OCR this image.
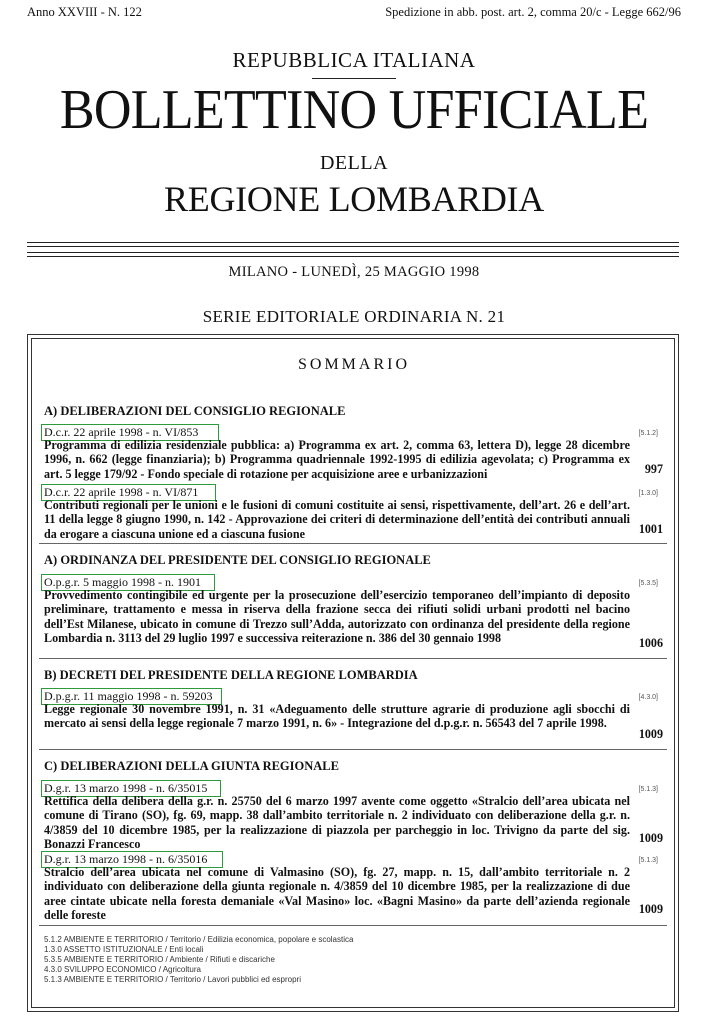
Anno XXVIII - N. 122	Spedizione in abb. post. art. 2, comma 20/c - Legge 662/96
REPUBBLICA ITALIANA
BOLLETTINO UFFICIALE
DELLA
REGIONE LOMBARDIA
MILANO - LUNEDÌ, 25 MAGGIO 1998
SERIE EDITORIALE ORDINARIA N. 21
SOMMARIO
A) DELIBERAZIONI DEL CONSIGLIO REGIONALE
D.c.r. 22 aprile 1998 - n. VI/853	[5.1.2]
Programma di edilizia residenziale pubblica: a) Programma ex art. 2, comma 63, lettera D), legge 28 dicembre 1996, n. 662 (legge finanziaria); b) Programma quadriennale 1992-1995 di edilizia agevolata; c) Programma ex art. 5 legge 179/92 - Fondo speciale di rotazione per acquisizione aree e urbanizzazioni	997
D.c.r. 22 aprile 1998 - n. VI/871	[1.3.0]
Contributi regionali per le unioni e le fusioni di comuni costituite ai sensi, rispettivamente, dell’art. 26 e dell’art. 11 della legge 8 giugno 1990, n. 142 - Approvazione dei criteri di determinazione dell’entità dei contributi annuali da erogare a ciascuna unione ed a ciascuna fusione	1001
A) ORDINANZA DEL PRESIDENTE DEL CONSIGLIO REGIONALE
O.p.g.r. 5 maggio 1998 - n. 1901	[5.3.5]
Provvedimento contingibile ed urgente per la prosecuzione dell’esercizio temporaneo dell’impianto di deposito preliminare, trattamento e messa in riserva della frazione secca dei rifiuti solidi urbani prodotti nel bacino dell’Est Milanese, ubicato in comune di Trezzo sull’Adda, autorizzato con ordinanza del presidente della regione Lombardia n. 3113 del 29 luglio 1997 e successiva reiterazione n. 386 del 30 gennaio 1998	1006
B) DECRETI DEL PRESIDENTE DELLA REGIONE LOMBARDIA
D.p.g.r. 11 maggio 1998 - n. 59203	[4.3.0]
Legge regionale 30 novembre 1991, n. 31 «Adeguamento delle strutture agrarie di produzione agli sbocchi di mercato ai sensi della legge regionale 7 marzo 1991, n. 6» - Integrazione del d.p.g.r. n. 56543 del 7 aprile 1998.
1009
C) DELIBERAZIONI DELLA GIUNTA REGIONALE
D.g.r. 13 marzo 1998 - n. 6/35015	[5.1.3]
Rettifica della delibera della g.r. n. 25750 del 6 marzo 1997 avente come oggetto «Stralcio dell’area ubicata nel comune di Tirano (SO), fg. 69, mapp. 38 dall’ambito territoriale n. 2 individuato con deliberazione della g.r. n. 4/3859 del 10 dicembre 1985, per la realizzazione di piazzola per parcheggio in loc. Trivigno da parte del sig. Bonazzi Francesco	1009
D.g.r. 13 marzo 1998 - n. 6/35016	[5.1.3]
Stralcio dell’area ubicata nel comune di Valmasino (SO), fg. 27, mapp. n. 15, dall’ambito territoriale n. 2 individuato con deliberazione della giunta regionale n. 4/3859 del 10 dicembre 1985, per la realizzazione di due aree cintate ubicate nella foresta demaniale «Val Masino» loc. «Bagni Masino» da parte dell’azienda regionale delle foreste	1009
5.1.2 AMBIENTE E TERRITORIO / Territorio / Edilizia economica, popolare e scolastica
1.3.0 ASSETTO ISTITUZIONALE / Enti locali
5.3.5 AMBIENTE E TERRITORIO / Ambiente / Rifiuti e discariche
4.3.0 SVILUPPO ECONOMICO / Agricoltura
5.1.3 AMBIENTE E TERRITORIO / Territorio / Lavori pubblici ed espropri
